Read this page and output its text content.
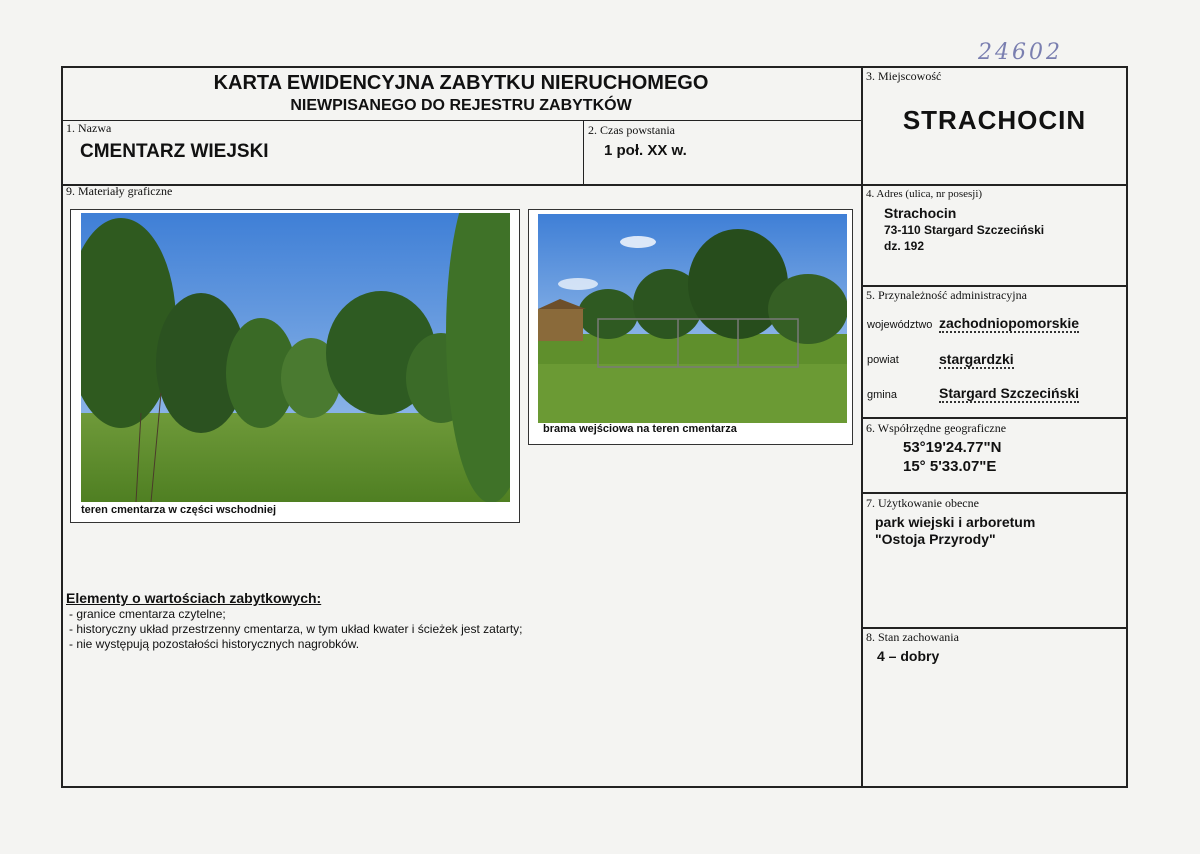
24602
KARTA EWIDENCYJNA ZABYTKU NIERUCHOMEGO
NIEWPISANEGO DO REJESTRU ZABYTKÓW
1. Nazwa
CMENTARZ WIEJSKI
2. Czas powstania
1 poł. XX w.
3. Miejscowość
STRACHOCIN
4. Adres (ulica, nr posesji)
Strachocin
73-110 Stargard Szczeciński
dz. 192
5. Przynależność administracyjna
województwo zachodniopomorskie
powiat	stargardzki
gmina	Stargard Szczeciński
6. Współrzędne geograficzne
53°19'24.77"N
15° 5'33.07"E
7. Użytkowanie obecne
park wiejski i arboretum
"Ostoja Przyrody"
8. Stan zachowania
4 – dobry
9. Materiały graficzne
teren cmentarza w części wschodniej
brama wejściowa na teren cmentarza
Elementy o wartościach zabytkowych:
- granice cmentarza czytelne;
- historyczny układ przestrzenny cmentarza, w tym układ kwater i ścieżek jest zatarty;
- nie występują pozostałości historycznych nagrobków.
